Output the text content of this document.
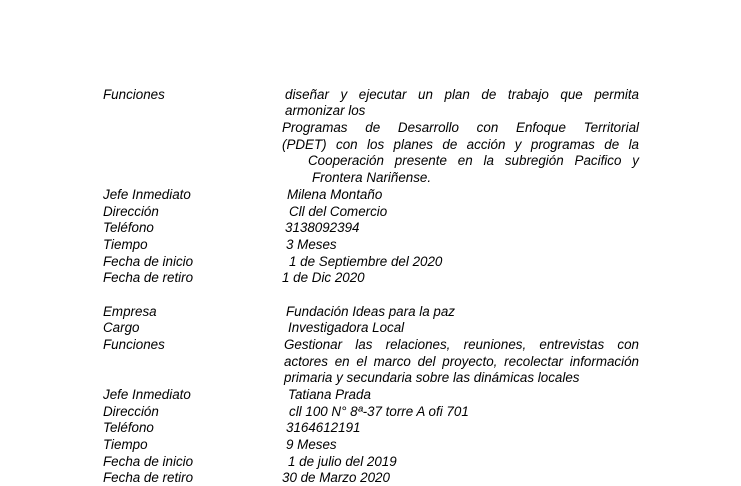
Funciones	diseñar y ejecutar un plan de trabajo que permita
armonizar los
Programas de Desarrollo con Enfoque Territorial
(PDET) con los planes de acción y programas de la
Cooperación presente en la subregión Pacifico y
Frontera Nariñense.
Jefe Inmediato	Milena Montaño
Dirección	Cll del Comercio
Teléfono	3138092394
Tiempo	3 Meses
Fecha de inicio	1 de Septiembre del 2020
Fecha de retiro	1 de Dic 2020
Empresa	Fundación Ideas para la paz
Cargo	Investigadora Local
Funciones	Gestionar las relaciones, reuniones, entrevistas con
actores en el marco del proyecto, recolectar información
primaria y secundaria sobre las dinámicas locales
Jefe Inmediato	Tatiana Prada
Dirección	cll 100 N° 8ª-37 torre A ofi 701
Teléfono	3164612191
Tiempo	9 Meses
Fecha de inicio	1 de julio del 2019
Fecha de retiro	30 de Marzo 2020
